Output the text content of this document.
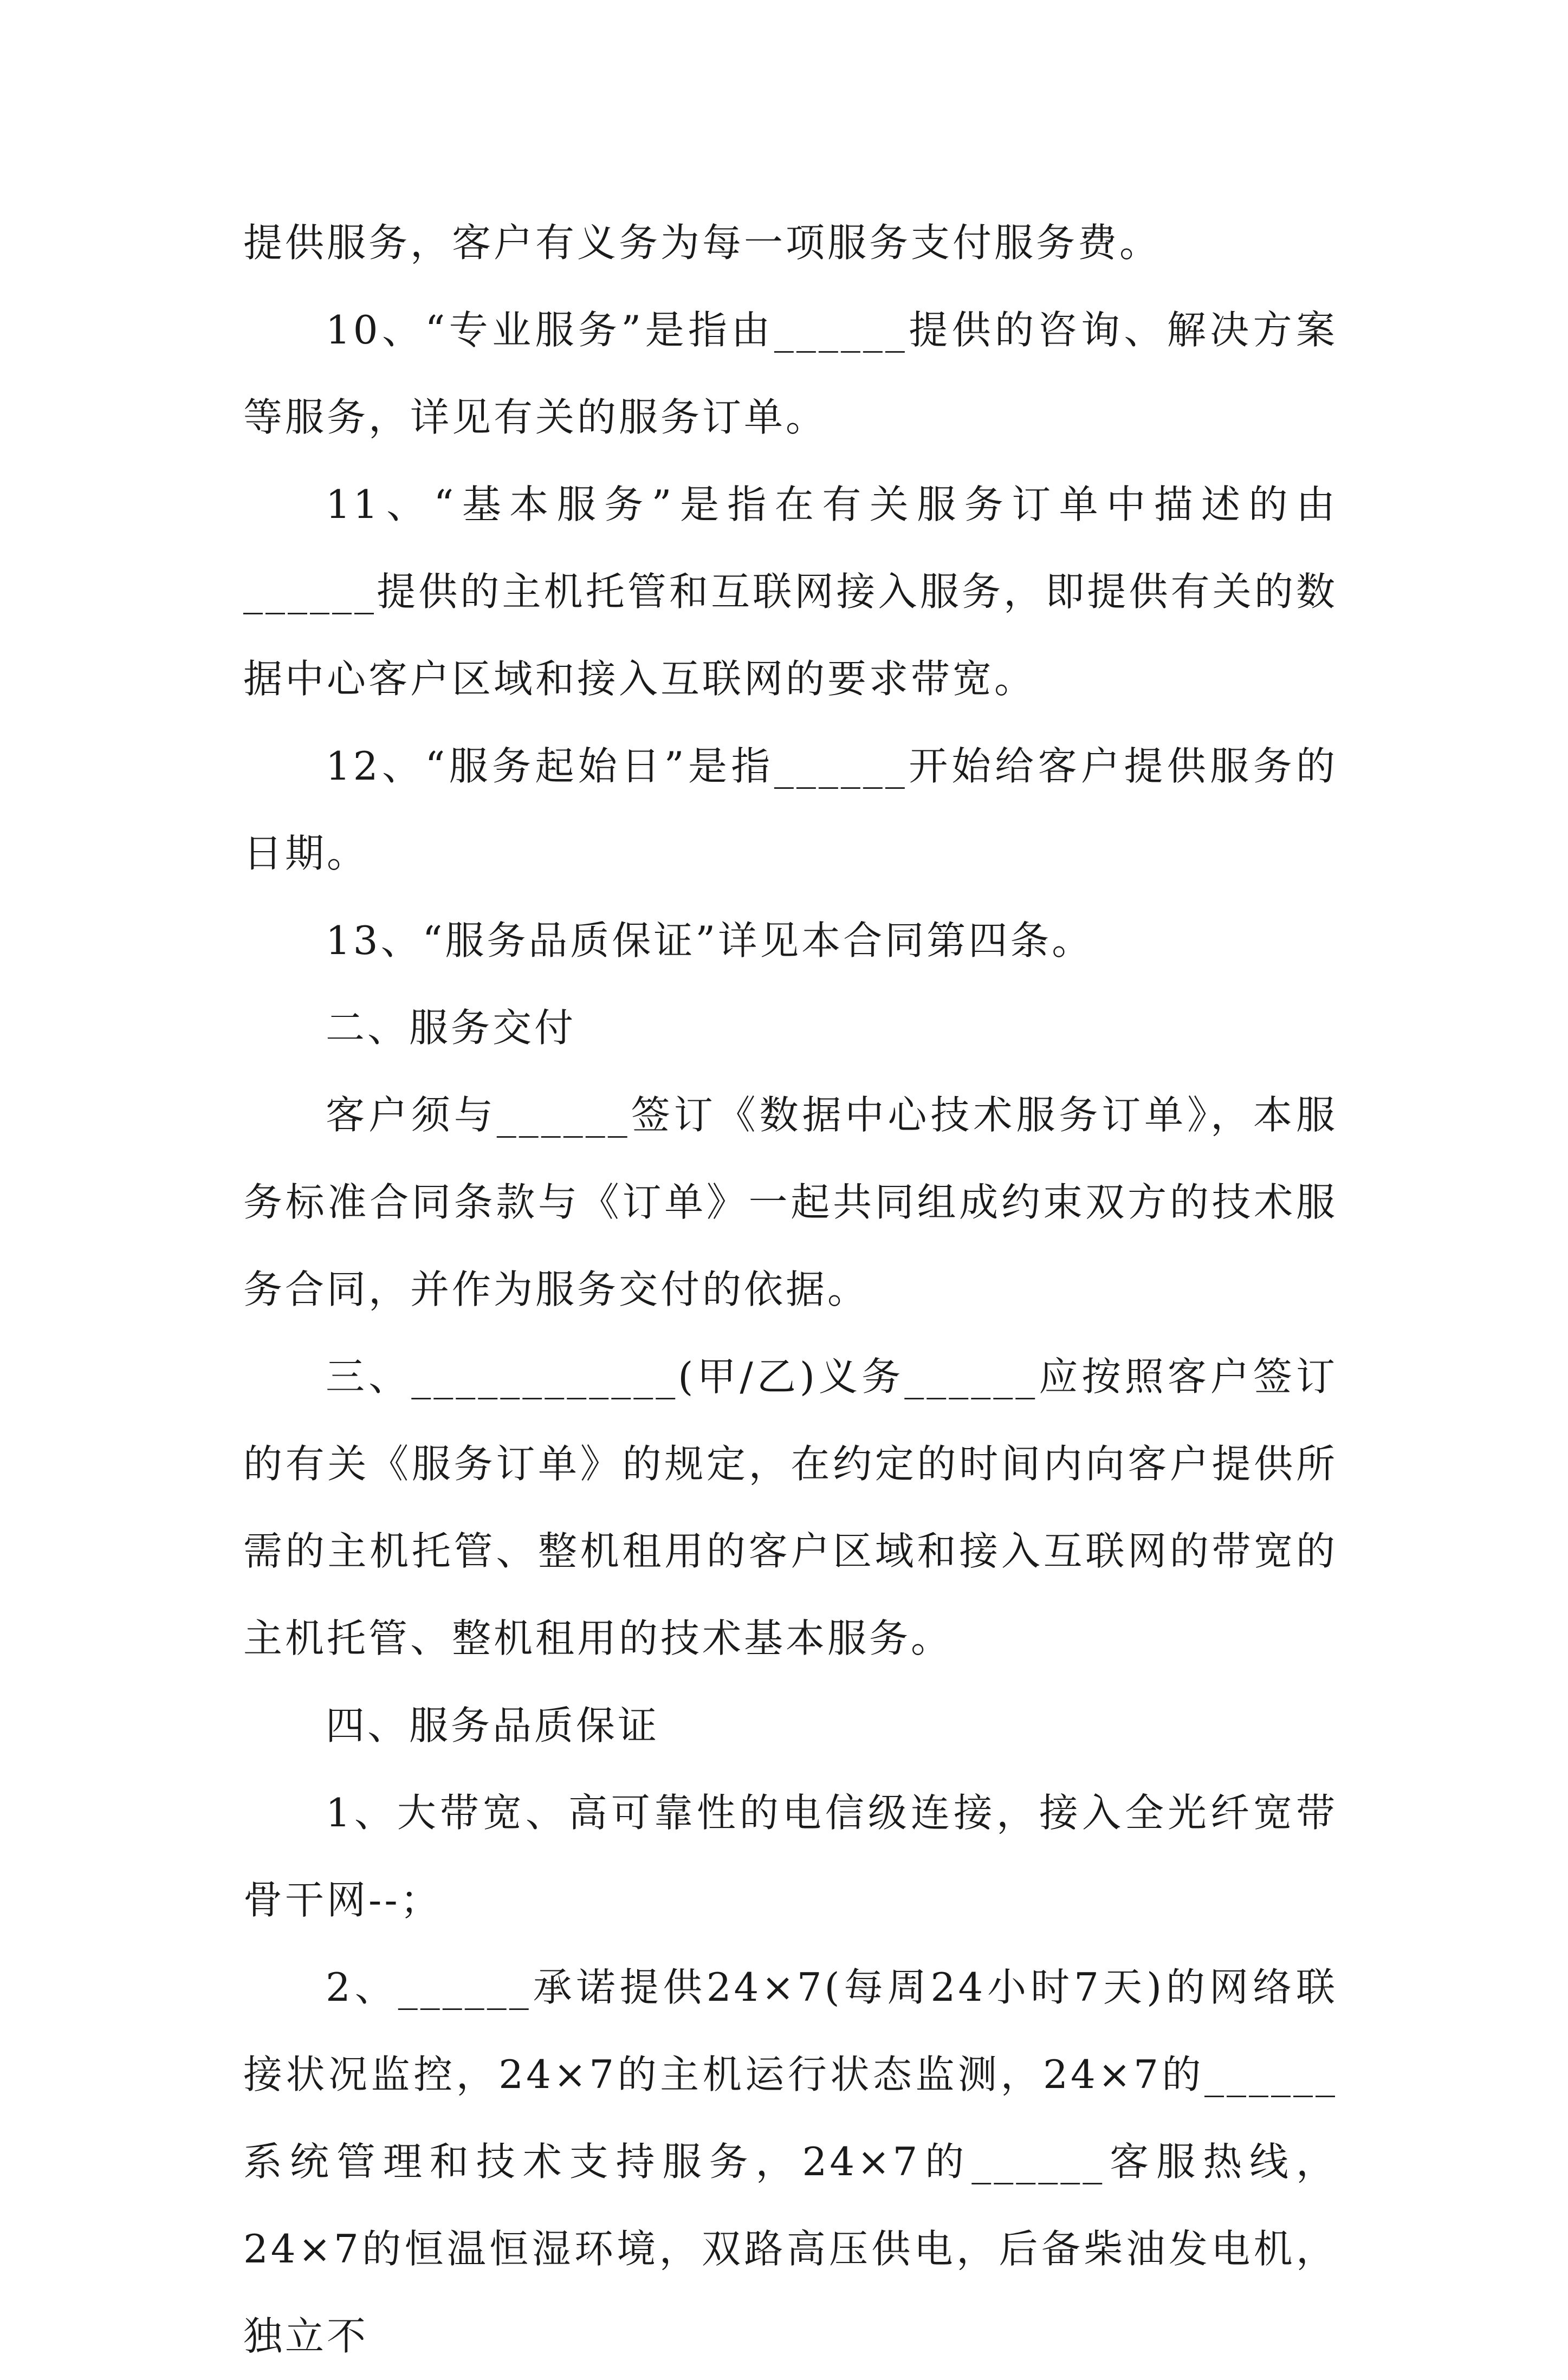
提供服务，客户有义务为每一项服务支付服务费。

10、“专业服务”是指由______提供的咨询、解决方案等服务，详见有关的服务订单。

11、“基本服务”是指在有关服务订单中描述的由______提供的主机托管和互联网接入服务，即提供有关的数据中心客户区域和接入互联网的要求带宽。

12、“服务起始日”是指______开始给客户提供服务的日期。

13、“服务品质保证”详见本合同第四条。

二、服务交付

客户须与______签订《数据中心技术服务订单》，本服务标准合同条款与《订单》一起共同组成约束双方的技术服务合同，并作为服务交付的依据。

三、____________(甲/乙)义务______应按照客户签订的有关《服务订单》的规定，在约定的时间内向客户提供所需的主机托管、整机租用的客户区域和接入互联网的带宽的主机托管、整机租用的技术基本服务。

四、服务品质保证

1、大带宽、高可靠性的电信级连接，接入全光纤宽带骨干网--；

2、______承诺提供24×7(每周24小时7天)的网络联接状况监控，24×7的主机运行状态监测，24×7的______系统管理和技术支持服务，24×7的______客服热线，24×7的恒温恒湿环境，双路高压供电，后备柴油发电机，独立不
